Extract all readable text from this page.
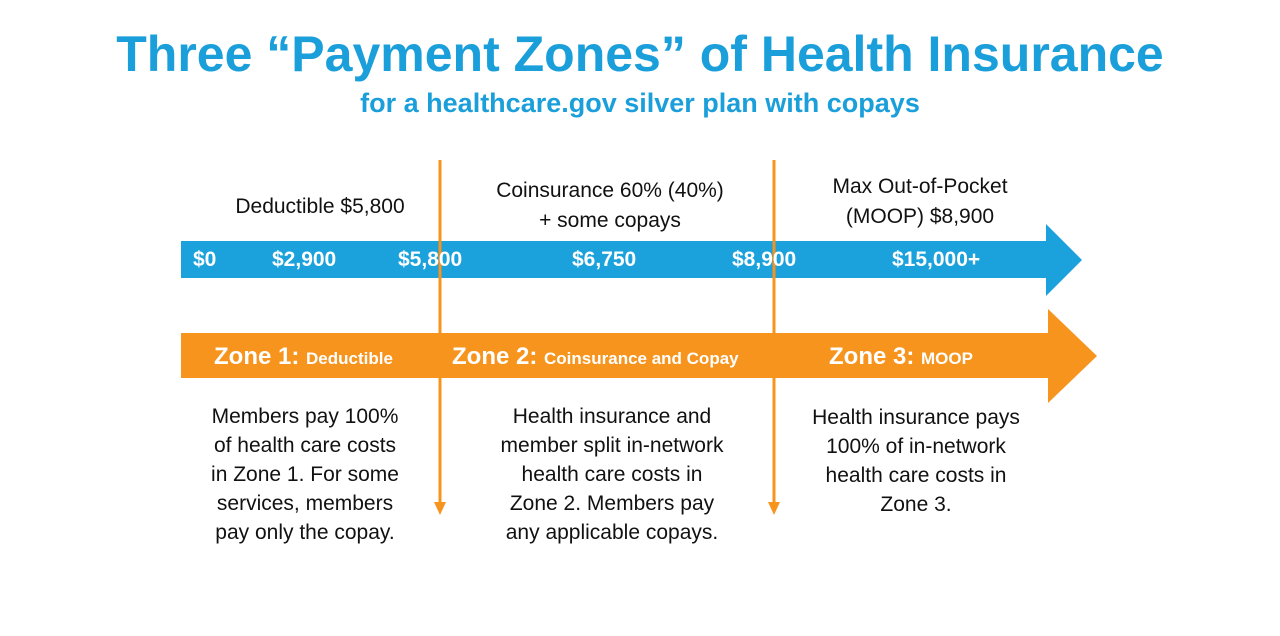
Three “Payment Zones” of Health Insurance
for a healthcare.gov silver plan with copays
Deductible $5,800
Coinsurance 60% (40%)
+ some copays
Max Out-of-Pocket
(MOOP) $8,900
$0	$2,900	$5,800	$6,750	$8,900	$15,000+
Zone 1: Deductible Zone 2: Coinsurance and Copay	Zone 3: MOOP
Members pay 100%
of health care costs
in Zone 1. For some
services, members
pay only the copay.
Health insurance and
member split in-network
health care costs in
Zone 2. Members pay
any applicable copays.
Health insurance pays
100% of in-network
health care costs in
Zone 3.
